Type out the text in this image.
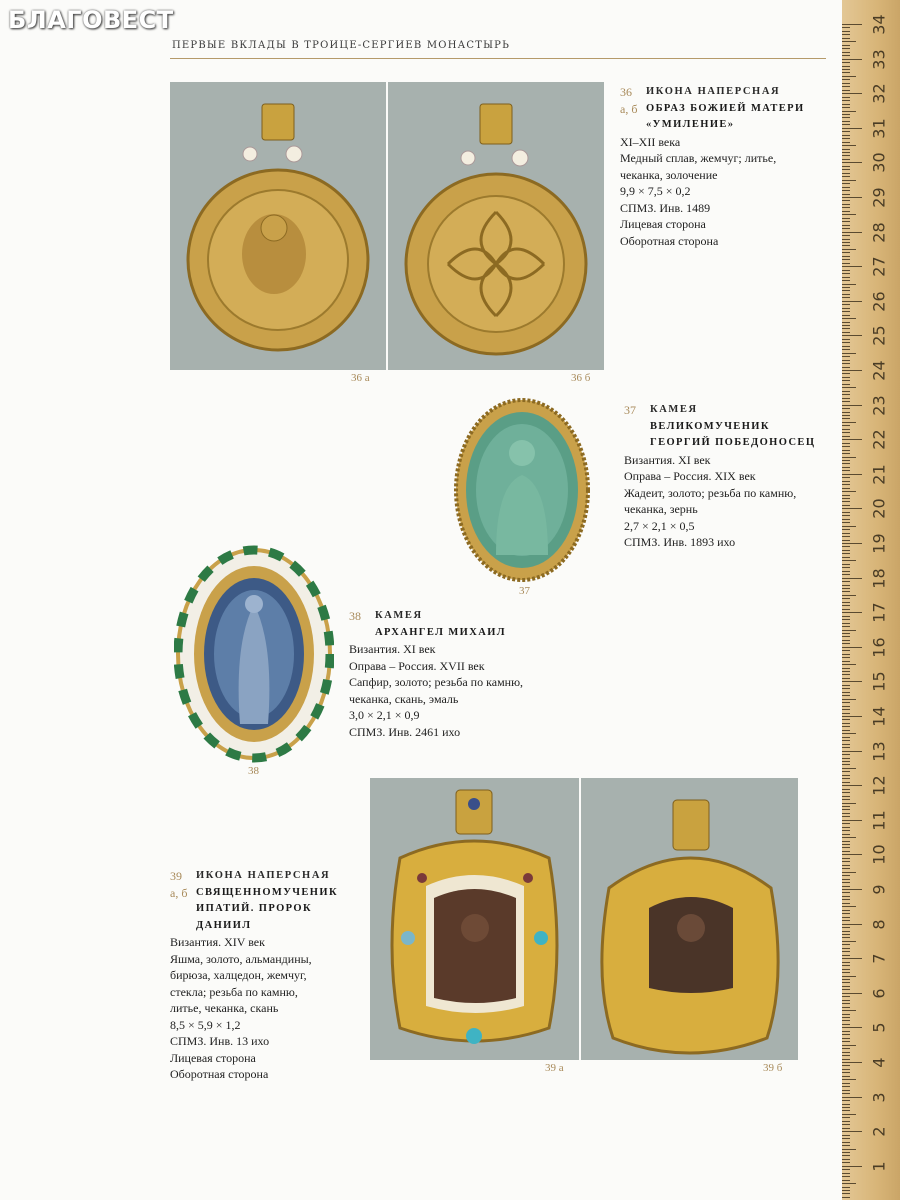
БЛАГОВЕСТ
ПЕРВЫЕ ВКЛАДЫ В ТРОИЦЕ-СЕРГИЕВ МОНАСТЫРЬ
36 а	36 б
36	ИКОНА НАПЕРСНАЯ
а, б ОБРАЗ БОЖИЕЙ МАТЕРИ
«УМИЛЕНИЕ»
XI–XII века
Медный сплав, жемчуг; литье,
чеканка, золочение
9,9 × 7,5 × 0,2
СПМЗ. Инв. 1489
Лицевая сторона
Оборотная сторона
37
37	КАМЕЯ
ВЕЛИКОМУЧЕНИК
ГЕОРГИЙ ПОБЕДОНОСЕЦ
Византия. XI век
Оправа – Россия. XIX век
Жадеит, золото; резьба по камню,
чеканка, зернь
2,7 × 2,1 × 0,5
СПМЗ. Инв. 1893 ихо
38
38	КАМЕЯ
АРХАНГЕЛ МИХАИЛ
Византия. XI век
Оправа – Россия. XVII век
Сапфир, золото; резьба по камню,
чеканка, скань, эмаль
3,0 × 2,1 × 0,9
СПМЗ. Инв. 2461 ихо
39 а	39 б
39	ИКОНА НАПЕРСНАЯ
а, б СВЯЩЕННОМУЧЕНИК
ИПАТИЙ. ПРОРОК ДАНИИЛ
Византия. XIV век
Яшма, золото, альмандины,
бирюза, халцедон, жемчуг,
стекла; резьба по камню,
литье, чеканка, скань
8,5 × 5,9 × 1,2
СПМЗ. Инв. 13 ихо
Лицевая сторона
Оборотная сторона
34
33
32
31
30
29
28
27
26
25
24
23
22
21
20
19
18
17
16
15
14
13
12
11
10
9
8
7
6
5
4
3
2
1
